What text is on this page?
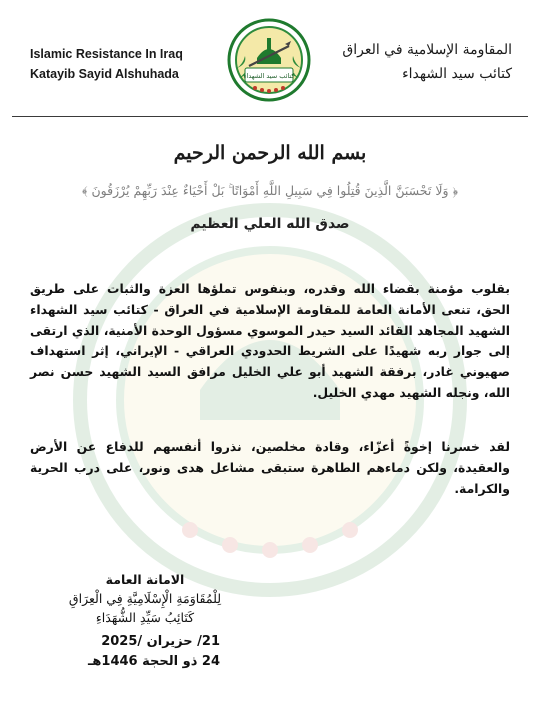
Islamic Resistance In Iraq
Katayib Sayid Alshuhada	كتائب سيد الشهداء
المقاومة الإسلامية في العراق
كتائب سيد الشهداء
بسم الله الرحمن الرحيم
﴿ وَلَا تَحْسَبَنَّ الَّذِينَ قُتِلُوا فِي سَبِيلِ اللَّهِ أَمْوَاتًا ۚ بَلْ أَحْيَاءٌ عِنْدَ رَبِّهِمْ يُرْزَقُونَ ﴾
صدق الله العلي العظيم
بقلوب مؤمنة بقضاء الله وقدره، وبنفوس تملؤها العزة والثبات على طريق الحق، تنعى الأمانة العامة للمقاومة الإسلامية في العراق - كتائب سيد الشهداء الشهيد المجاهد القائد السيد حيدر الموسوي مسؤول الوحدة الأمنية، الذي ارتقى إلى جوار ربه شهيدًا على الشريط الحدودي العراقي - الإيراني، إثر استهداف صهيوني غادر، برفقة الشهيد أبو علي الخليل مرافق السيد الشهيد حسن نصر الله، ونجله الشهيد مهدي الخليل.
لقد خسرنا إخوةً أعزّاء، وقادة مخلصين، نذروا أنفسهم للدفاع عن الأرض والعقيدة، ولكن دماءهم الطاهرة ستبقى مشاعل هدى ونور، على درب الحرية والكرامة.
الامانة العامة
لِلْمُقَاوَمَةِ الْإِسْلَامِيَّةِ فِي الْعِرَاقِ
كَتَائِبُ سَيِّدِ الشُّهَدَاءِ
21/ حزيران /2025
24 ذو الحجة 1446هـ
